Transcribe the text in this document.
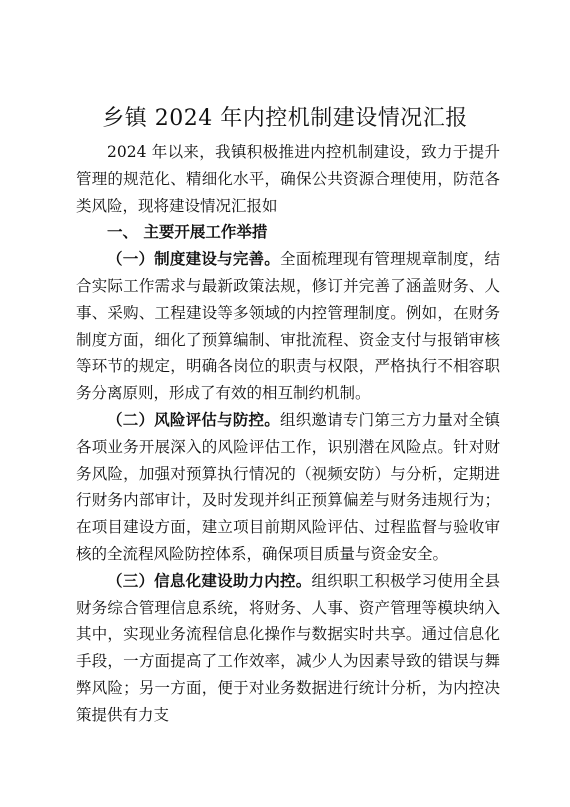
乡镇 2024 年内控机制建设情况汇报

2024 年以来，我镇积极推进内控机制建设，致力于提升管理的规范化、精细化水平，确保公共资源合理使用，防范各类风险，现将建设情况汇报如

一、 主要开展工作举措

（一）制度建设与完善。全面梳理现有管理规章制度，结合实际工作需求与最新政策法规，修订并完善了涵盖财务、人事、采购、工程建设等多领域的内控管理制度。例如，在财务制度方面，细化了预算编制、审批流程、资金支付与报销审核等环节的规定，明确各岗位的职责与权限，严格执行不相容职务分离原则，形成了有效的相互制约机制。

（二）风险评估与防控。组织邀请专门第三方力量对全镇各项业务开展深入的风险评估工作，识别潜在风险点。针对财务风险，加强对预算执行情况的（视频安防）与分析，定期进行财务内部审计，及时发现并纠正预算偏差与财务违规行为；在项目建设方面，建立项目前期风险评估、过程监督与验收审核的全流程风险防控体系，确保项目质量与资金安全。

（三）信息化建设助力内控。组织职工积极学习使用全县财务综合管理信息系统，将财务、人事、资产管理等模块纳入其中，实现业务流程信息化操作与数据实时共享。通过信息化手段，一方面提高了工作效率，减少人为因素导致的错误与舞弊风险；另一方面，便于对业务数据进行统计分析，为内控决策提供有力支
